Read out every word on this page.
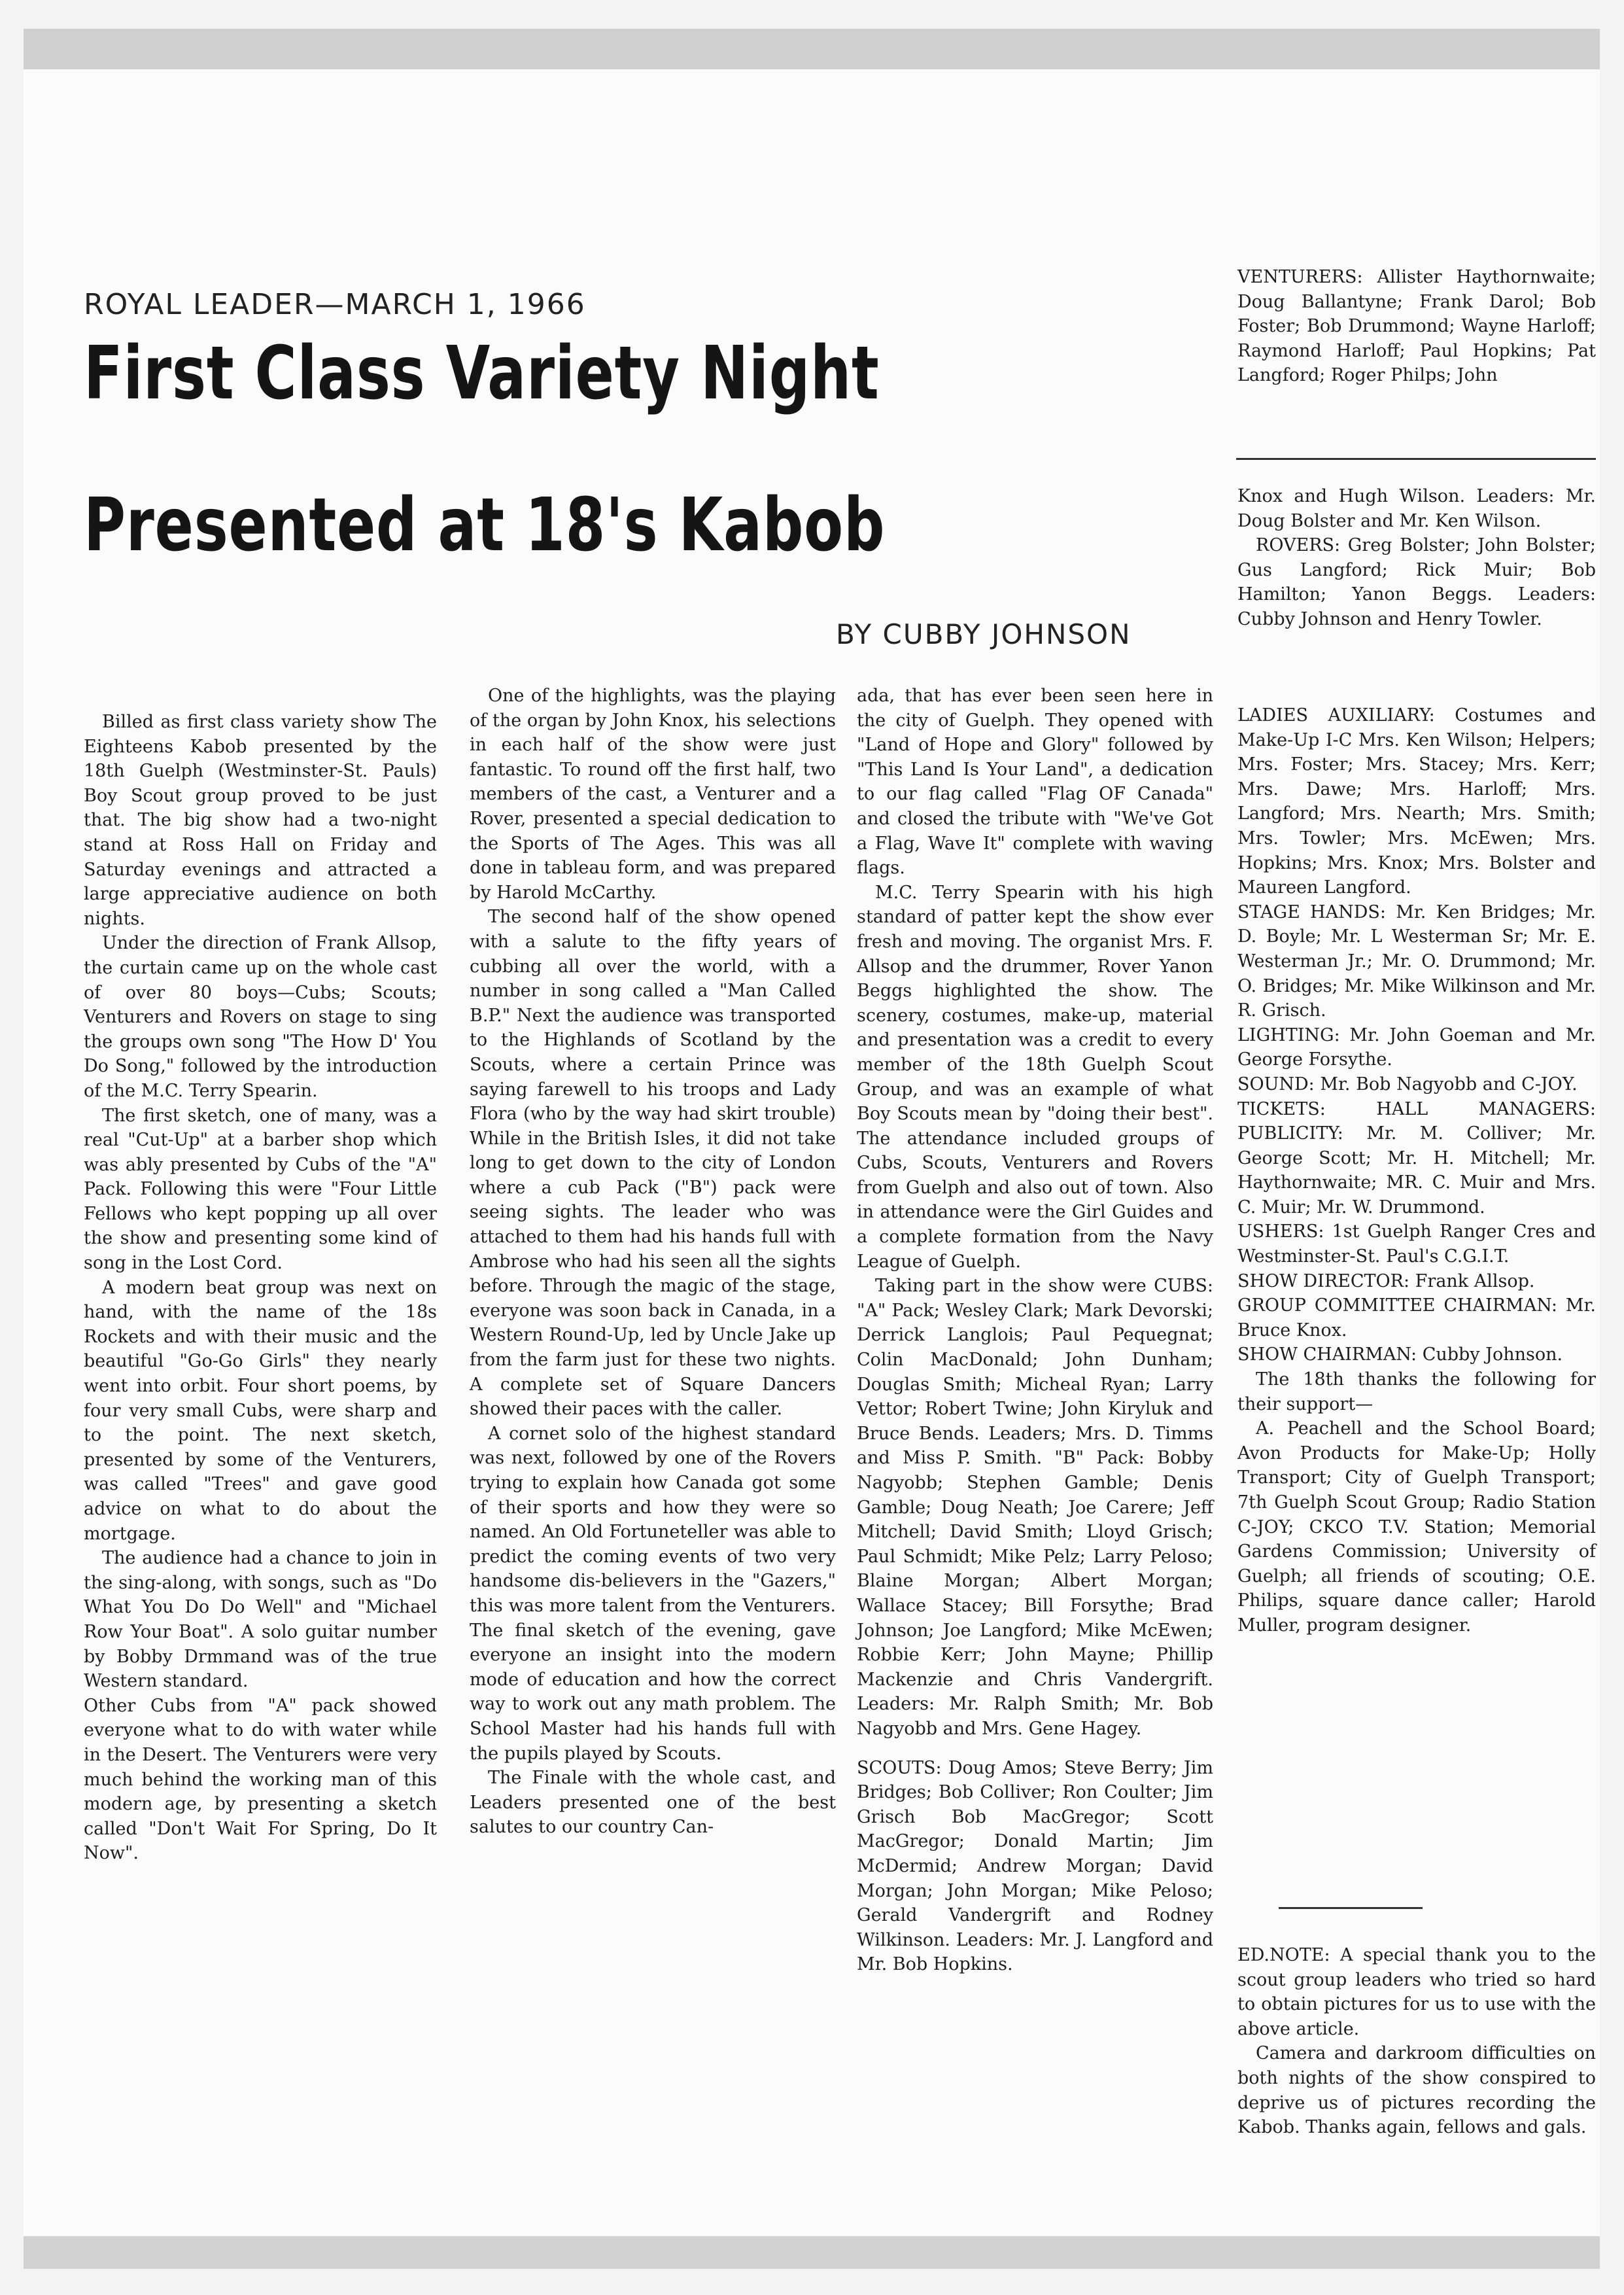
ROYAL LEADER—MARCH 1, 1966
First Class Variety Night
Presented at 18's Kabob
BY CUBBY JOHNSON

Billed as first class variety show The Eighteens Kabob presented by the 18th Guelph (Westminster-St. Pauls) Boy Scout group proved to be just that. The big show had a two-night stand at Ross Hall on Friday and Saturday evenings and attracted a large appreciative audience on both nights.

Under the direction of Frank Allsop, the curtain came up on the whole cast of over 80 boys—Cubs; Scouts; Venturers and Rovers on stage to sing the groups own song "The How D' You Do Song," followed by the introduction of the M.C. Terry Spearin.

The first sketch, one of many, was a real "Cut-Up" at a barber shop which was ably presented by Cubs of the "A" Pack. Following this were "Four Little Fellows who kept popping up all over the show and presenting some kind of song in the Lost Cord.

A modern beat group was next on hand, with the name of the 18s Rockets and with their music and the beautiful "Go-Go Girls" they nearly went into orbit. Four short poems, by four very small Cubs, were sharp and to the point. The next sketch, presented by some of the Venturers, was called "Trees" and gave good advice on what to do about the mortgage.

The audience had a chance to join in the sing-along, with songs, such as "Do What You Do Do Well" and "Michael Row Your Boat". A solo guitar number by Bobby Drmmand was of the true Western standard.

Other Cubs from "A" pack showed everyone what to do with water while in the Desert. The Venturers were very much behind the working man of this modern age, by presenting a sketch called "Don't Wait For Spring, Do It Now".

One of the highlights, was the playing of the organ by John Knox, his selections in each half of the show were just fantastic. To round off the first half, two members of the cast, a Venturer and a Rover, presented a special dedication to the Sports of The Ages. This was all done in tableau form, and was prepared by Harold McCarthy.

The second half of the show opened with a salute to the fifty years of cubbing all over the world, with a number in song called a "Man Called B.P." Next the audience was transported to the Highlands of Scotland by the Scouts, where a certain Prince was saying farewell to his troops and Lady Flora (who by the way had skirt trouble) While in the British Isles, it did not take long to get down to the city of London where a cub Pack ("B") pack were seeing sights. The leader who was attached to them had his hands full with Ambrose who had his seen all the sights before. Through the magic of the stage, everyone was soon back in Canada, in a Western Round-Up, led by Uncle Jake up from the farm just for these two nights. A complete set of Square Dancers showed their paces with the caller.

A cornet solo of the highest standard was next, followed by one of the Rovers trying to explain how Canada got some of their sports and how they were so named. An Old Fortuneteller was able to predict the coming events of two very handsome dis-believers in the "Gazers," this was more talent from the Venturers. The final sketch of the evening, gave everyone an insight into the modern mode of education and how the correct way to work out any math problem. The School Master had his hands full with the pupils played by Scouts.

The Finale with the whole cast, and Leaders presented one of the best salutes to our country Can-

ada, that has ever been seen here in the city of Guelph. They opened with "Land of Hope and Glory" followed by "This Land Is Your Land", a dedication to our flag called "Flag OF Canada" and closed the tribute with "We've Got a Flag, Wave It" complete with waving flags.

M.C. Terry Spearin with his high standard of patter kept the show ever fresh and moving. The organist Mrs. F. Allsop and the drummer, Rover Yanon Beggs highlighted the show. The scenery, costumes, make-up, material and presentation was a credit to every member of the 18th Guelph Scout Group, and was an example of what Boy Scouts mean by "doing their best". The attendance included groups of Cubs, Scouts, Venturers and Rovers from Guelph and also out of town. Also in attendance were the Girl Guides and a complete formation from the Navy League of Guelph.

Taking part in the show were CUBS: "A" Pack; Wesley Clark; Mark Devorski; Derrick Langlois; Paul Pequegnat; Colin MacDonald; John Dunham; Douglas Smith; Micheal Ryan; Larry Vettor; Robert Twine; John Kiryluk and Bruce Bends. Leaders; Mrs. D. Timms and Miss P. Smith. "B" Pack: Bobby Nagyobb; Stephen Gamble; Denis Gamble; Doug Neath; Joe Carere; Jeff Mitchell; David Smith; Lloyd Grisch; Paul Schmidt; Mike Pelz; Larry Peloso; Blaine Morgan; Albert Morgan; Wallace Stacey; Bill Forsythe; Brad Johnson; Joe Langford; Mike McEwen; Robbie Kerr; John Mayne; Phillip Mackenzie and Chris Vandergrift. Leaders: Mr. Ralph Smith; Mr. Bob Nagyobb and Mrs. Gene Hagey.

SCOUTS: Doug Amos; Steve Berry; Jim Bridges; Bob Colliver; Ron Coulter; Jim Grisch Bob MacGregor; Scott MacGregor; Donald Martin; Jim McDermid; Andrew Morgan; David Morgan; John Morgan; Mike Peloso; Gerald Vandergrift and Rodney Wilkinson. Leaders: Mr. J. Langford and Mr. Bob Hopkins.

VENTURERS: Allister Haythornwaite; Doug Ballantyne; Frank Darol; Bob Foster; Bob Drummond; Wayne Harloff; Raymond Harloff; Paul Hopkins; Pat Langford; Roger Philps; John

Knox and Hugh Wilson. Leaders: Mr. Doug Bolster and Mr. Ken Wilson.

ROVERS: Greg Bolster; John Bolster; Gus Langford; Rick Muir; Bob Hamilton; Yanon Beggs. Leaders: Cubby Johnson and Henry Towler.

LADIES AUXILIARY: Costumes and Make-Up I-C Mrs. Ken Wilson; Helpers; Mrs. Foster; Mrs. Stacey; Mrs. Kerr; Mrs. Dawe; Mrs. Harloff; Mrs. Langford; Mrs. Nearth; Mrs. Smith; Mrs. Towler; Mrs. McEwen; Mrs. Hopkins; Mrs. Knox; Mrs. Bolster and Maureen Langford.

STAGE HANDS: Mr. Ken Bridges; Mr. D. Boyle; Mr. L Westerman Sr; Mr. E. Westerman Jr.; Mr. O. Drummond; Mr. O. Bridges; Mr. Mike Wilkinson and Mr. R. Grisch.

LIGHTING: Mr. John Goeman and Mr. George Forsythe.

SOUND: Mr. Bob Nagyobb and C-JOY.

TICKETS: HALL MANAGERS: PUBLICITY: Mr. M. Colliver; Mr. George Scott; Mr. H. Mitchell; Mr. Haythornwaite; MR. C. Muir and Mrs. C. Muir; Mr. W. Drummond.

USHERS: 1st Guelph Ranger Cres and Westminster-St. Paul's C.G.I.T.

SHOW DIRECTOR: Frank Allsop.

GROUP COMMITTEE CHAIRMAN: Mr. Bruce Knox.

SHOW CHAIRMAN: Cubby Johnson.

The 18th thanks the following for their support—

A. Peachell and the School Board; Avon Products for Make-Up; Holly Transport; City of Guelph Transport; 7th Guelph Scout Group; Radio Station C-JOY; CKCO T.V. Station; Memorial Gardens Commission; University of Guelph; all friends of scouting; O.E. Philips, square dance caller; Harold Muller, program designer.

ED.NOTE: A special thank you to the scout group leaders who tried so hard to obtain pictures for us to use with the above article.

Camera and darkroom difficulties on both nights of the show conspired to deprive us of pictures recording the Kabob. Thanks again, fellows and gals.
